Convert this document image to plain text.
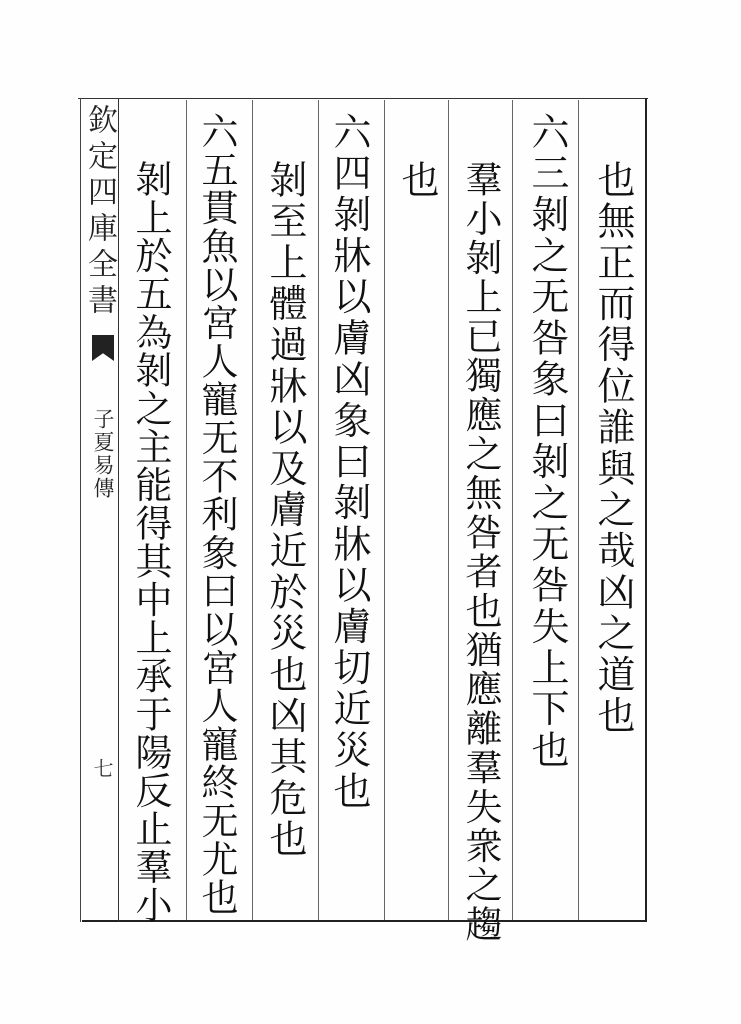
欽定四庫全書
子夏易傳
七
也無正而得位誰與之哉凶之道也
六三剝之无咎象曰剝之无咎失上下也
羣小剝上已獨應之無咎者也猶應離羣失衆之趨
也
六四剝牀以膚凶象曰剝牀以膚切近災也
剝至上體過牀以及膚近於災也凶其危也
六五貫魚以宮人寵无不利象曰以宮人寵終无尤也
剝上於五為剝之主能得其中上承于陽反止羣小
